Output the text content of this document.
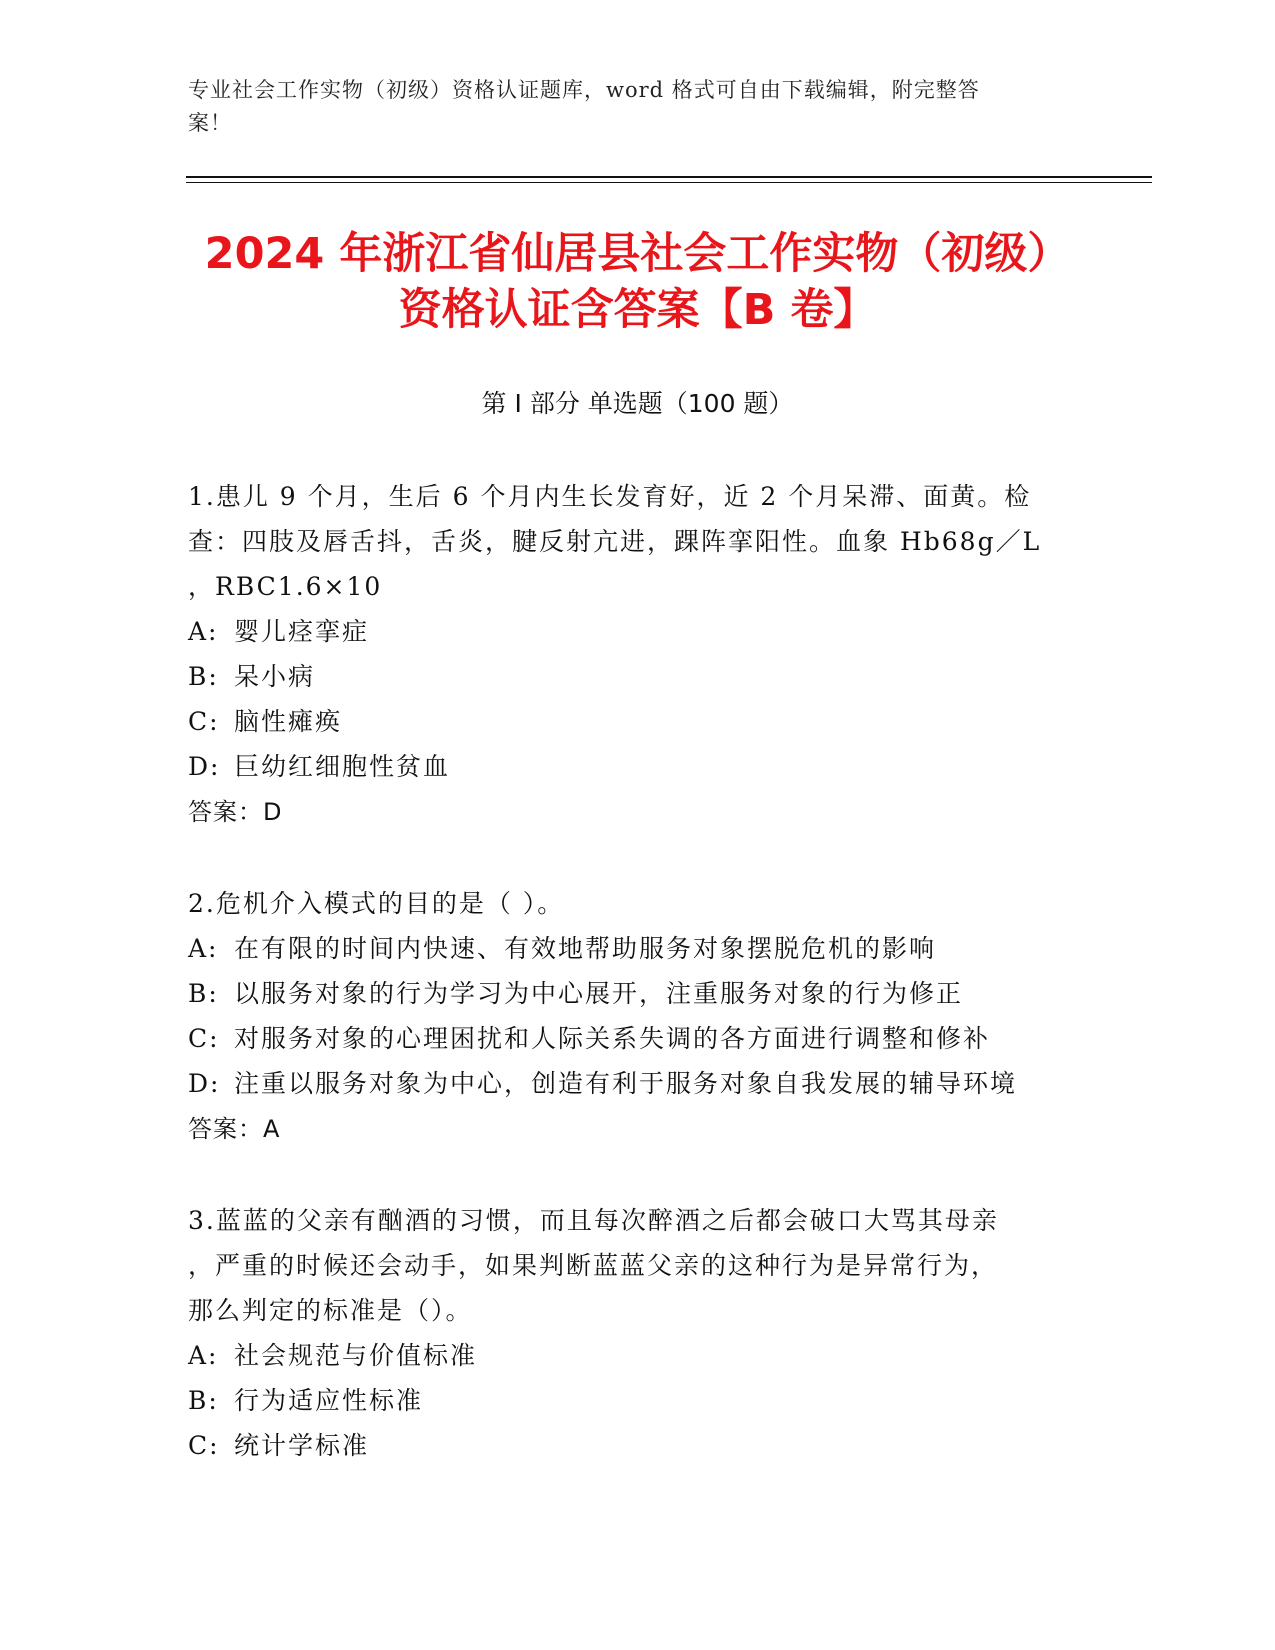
专业社会工作实物（初级）资格认证题库，word 格式可自由下载编辑，附完整答
案！
2024 年浙江省仙居县社会工作实物（初级）
资格认证含答案【B 卷】
第 I 部分 单选题（100 题）
1.患儿 9 个月，生后 6 个月内生长发育好，近 2 个月呆滞、面黄。检
查：四肢及唇舌抖，舌炎，腱反射亢进，踝阵挛阳性。血象 Hb68g／L
，RBC1.6×10
A: 婴儿痉挛症
B: 呆小病
C: 脑性瘫痪
D: 巨幼红细胞性贫血
答案：D
2.危机介入模式的目的是（ ）。
A: 在有限的时间内快速、有效地帮助服务对象摆脱危机的影响
B: 以服务对象的行为学习为中心展开，注重服务对象的行为修正
C: 对服务对象的心理困扰和人际关系失调的各方面进行调整和修补
D: 注重以服务对象为中心，创造有利于服务对象自我发展的辅导环境
答案：A
3.蓝蓝的父亲有酗酒的习惯，而且每次醉酒之后都会破口大骂其母亲
，严重的时候还会动手，如果判断蓝蓝父亲的这种行为是异常行为，
那么判定的标准是（）。
A: 社会规范与价值标准
B: 行为适应性标准
C: 统计学标准
